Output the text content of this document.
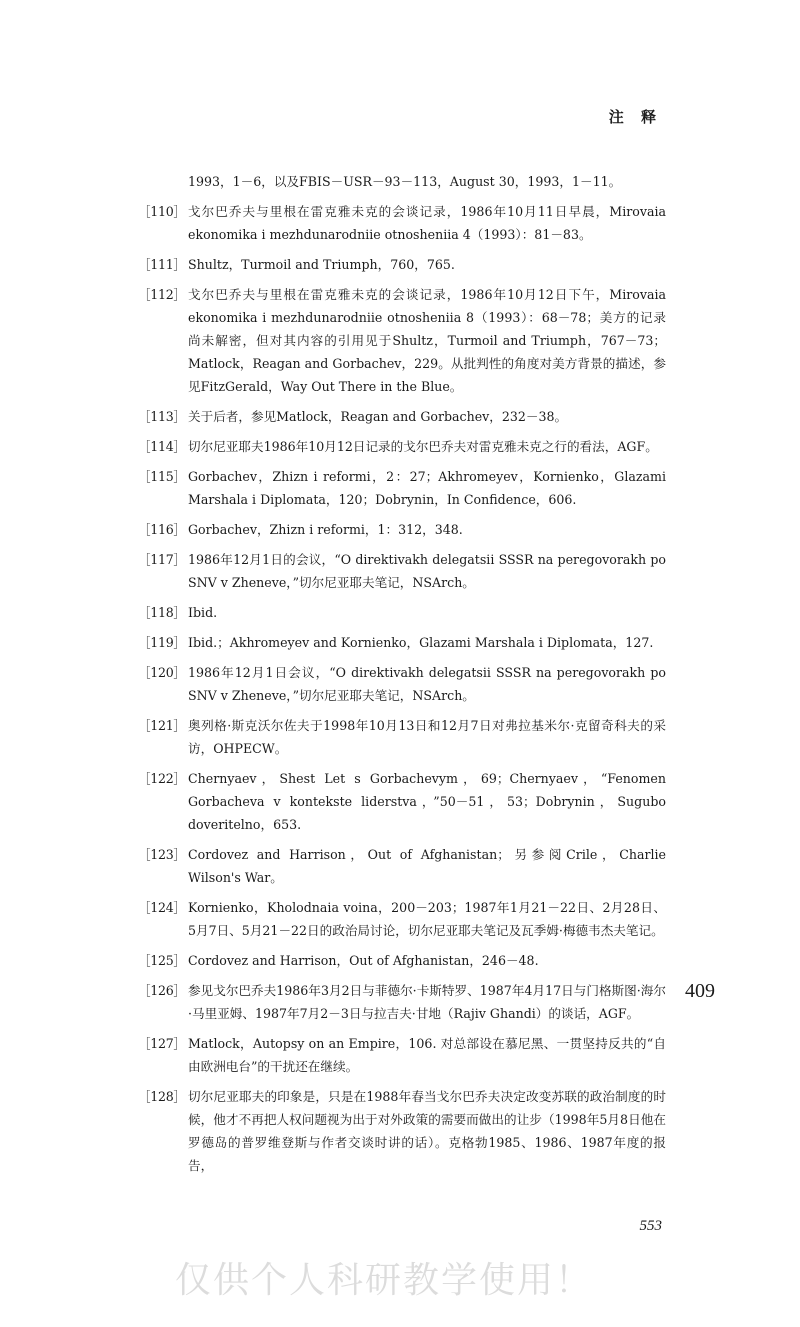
注 释
1993，1－6，以及FBIS－USR－93－113，August 30，1993，1－11。
［110］ 戈尔巴乔夫与里根在雷克雅未克的会谈记录，1986年10月11日早晨，Mirovaia ekonomika i mezhdunarodniie otnosheniia 4（1993）：81－83。
［111］ Shultz，Turmoil and Triumph，760，765.
［112］ 戈尔巴乔夫与里根在雷克雅未克的会谈记录，1986年10月12日下午，Mirovaia ekonomika i mezhdunarodniie otnosheniia 8（1993）：68－78；美方的记录尚未解密，但对其内容的引用见于Shultz，Turmoil and Triumph，767－73；Matlock，Reagan and Gorbachev，229。从批判性的角度对美方背景的描述，参见FitzGerald，Way Out There in the Blue。
［113］ 关于后者，参见Matlock，Reagan and Gorbachev，232－38。
［114］ 切尔尼亚耶夫1986年10月12日记录的戈尔巴乔夫对雷克雅未克之行的看法，AGF。
［115］ Gorbachev，Zhizn i reformi，2：27；Akhromeyev，Kornienko，Glazami Marshala i Diplomata，120；Dobrynin，In Confidence，606.
［116］ Gorbachev，Zhizn i reformi，1：312，348.
［117］ 1986年12月1日的会议，“O direktivakh delegatsii SSSR na peregovorakh po SNV v Zheneve，”切尔尼亚耶夫笔记，NSArch。
［118］ Ibid.
［119］ Ibid.；Akhromeyev and Kornienko，Glazami Marshala i Diplomata，127.
［120］ 1986年12月1日会议，“O direktivakh delegatsii SSSR na peregovorakh po SNV v Zheneve，”切尔尼亚耶夫笔记，NSArch。
［121］ 奥列格·斯克沃尔佐夫于1998年10月13日和12月7日对弗拉基米尔·克留奇科夫的采访，OHPECW。
［122］ Chernyaev，Shest Let s Gorbachevym，69；Chernyaev，“Fenomen Gorbacheva v kontekste liderstva，”50－51，53；Dobrynin，Sugubo doveritelno，653.
［123］ Cordovez and Harrison，Out of Afghanistan；另参阅Crile，Charlie Wilson's War。
［124］ Kornienko，Kholodnaia voina，200－203；1987年1月21－22日、2月28日、5月7日、5月21－22日的政治局讨论，切尔尼亚耶夫笔记及瓦季姆·梅德韦杰夫笔记。
［125］ Cordovez and Harrison，Out of Afghanistan，246－48.
［126］ 参见戈尔巴乔夫1986年3月2日与菲德尔·卡斯特罗、1987年4月17日与门格斯图·海尔·马里亚姆、1987年7月2－3日与拉吉夫·甘地（Rajiv Ghandi）的谈话，AGF。
［127］ Matlock，Autopsy on an Empire，106. 对总部设在慕尼黑、一贯坚持反共的“自由欧洲电台”的干扰还在继续。
［128］ 切尔尼亚耶夫的印象是，只是在1988年春当戈尔巴乔夫决定改变苏联的政治制度的时候，他才不再把人权问题视为出于对外政策的需要而做出的让步（1998年5月8日他在罗德岛的普罗维登斯与作者交谈时讲的话）。克格勃1985、1986、1987年度的报告，
409
553
仅供个人科研教学使用！
